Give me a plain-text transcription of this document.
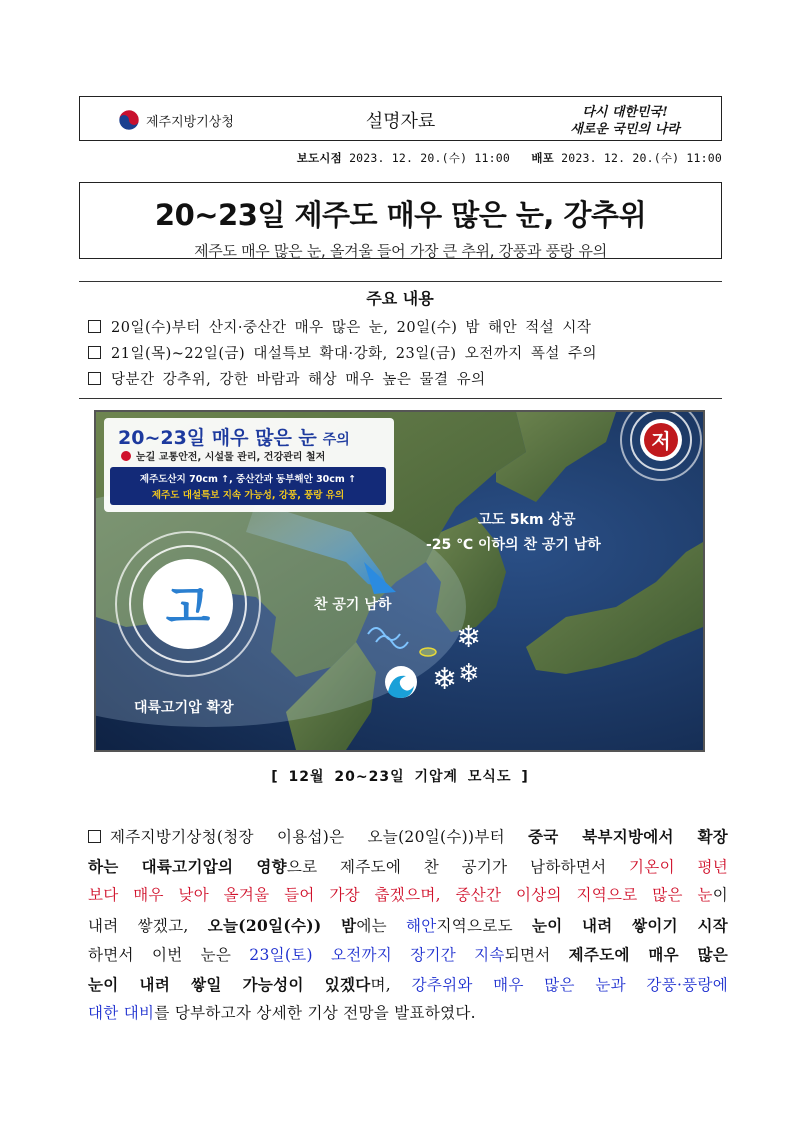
제주지방기상청	설명자료	다시 대한민국!
새로운 국민의 나라
보도시점 2023. 12. 20.(수) 11:00 배포 2023. 12. 20.(수) 11:00
20~23일 제주도 매우 많은 눈, 강추위
제주도 매우 많은 눈, 올겨울 들어 가장 큰 추위, 강풍과 풍랑 유의
주요 내용
20일(수)부터 산지·중산간 매우 많은 눈, 20일(수) 밤 해안 적설 시작
21일(목)~22일(금) 대설특보 확대·강화, 23일(금) 오전까지 폭설 주의
당분간 강추위, 강한 바람과 해상 매우 높은 물결 유의
고
저
찬 공기 남하
고도 5km 상공
-25 ℃ 이하의 찬 공기 남하
❄
❄ ❄
대륙고기압 확장
20~23일 매우 많은 눈 주의
눈길 교통안전, 시설물 관리, 건강관리 철저
제주도산지 70cm ↑, 중산간과 동부해안 30cm ↑
제주도 대설특보 지속 가능성, 강풍, 풍랑 유의
[ 12월 20~23일 기압계 모식도 ]
제주지방기상청(청장 이용섭)은 오늘(20일(수))부터 중국 북부지방에서 확장
하는 대륙고기압의 영향으로 제주도에 찬 공기가 남하하면서 기온이 평년
보다 매우 낮아 올겨울 들어 가장 춥겠으며, 중산간 이상의 지역으로 많은 눈이
내려 쌓겠고, 오늘(20일(수)) 밤에는 해안지역으로도 눈이 내려 쌓이기 시작
하면서 이번 눈은 23일(토) 오전까지 장기간 지속되면서 제주도에 매우 많은
눈이 내려 쌓일 가능성이 있겠다며, 강추위와 매우 많은 눈과 강풍·풍랑에
대한 대비를 당부하고자 상세한 기상 전망을 발표하였다.
